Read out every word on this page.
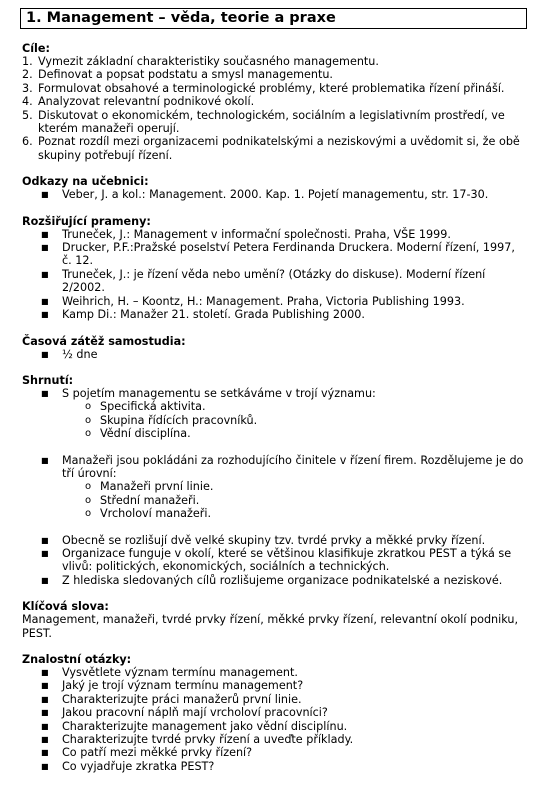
1. Management – věda, teorie a praxe
Cíle:
1. Vymezit základní charakteristiky současného managementu.
2. Definovat a popsat podstatu a smysl managementu.
3. Formulovat obsahové a terminologické problémy, které problematika řízení přináší.
4. Analyzovat relevantní podnikové okolí.
5. Diskutovat o ekonomickém, technologickém, sociálním a legislativním prostředí, ve
kterém manažeři operují.
6. Poznat rozdíl mezi organizacemi podnikatelskými a neziskovými a uvědomit si, že obě
skupiny potřebují řízení.
Odkazy na učebnici:
■ Veber, J. a kol.: Management. 2000. Kap. 1. Pojetí managementu, str. 17-30.
Rozšiřující prameny:
■ Truneček, J.: Management v informační společnosti. Praha, VŠE 1999.
■ Drucker, P.F.:Pražské poselství Petera Ferdinanda Druckera. Moderní řízení, 1997,
č. 12.
■ Truneček, J.: je řízení věda nebo umění? (Otázky do diskuse). Moderní řízení
2/2002.
■ Weihrich, H. – Koontz, H.: Management. Praha, Victoria Publishing 1993.
■ Kamp Di.: Manažer 21. století. Grada Publishing 2000.
Časová zátěž samostudia:
■ ½ dne
Shrnutí:
■ S pojetím managementu se setkáváme v trojí významu:
o Specifická aktivita.
o Skupina řídících pracovníků.
o Vědní disciplína.
■ Manažeři jsou pokládáni za rozhodujícího činitele v řízení firem. Rozdělujeme je do
tří úrovní:
o Manažeři první linie.
o Střední manažeři.
o Vrcholoví manažeři.
■ Obecně se rozlišují dvě velké skupiny tzv. tvrdé prvky a měkké prvky řízení.
■ Organizace funguje v okolí, které se většinou klasifikuje zkratkou PEST a týká se
vlivů: politických, ekonomických, sociálních a technických.
■ Z hlediska sledovaných cílů rozlišujeme organizace podnikatelské a neziskové.
Klíčová slova:
Management, manažeři, tvrdé prvky řízení, měkké prvky řízení, relevantní okolí podniku,
PEST.
Znalostní otázky:
■ Vysvětlete význam termínu management.
■ Jaký je trojí význam termínu management?
■ Charakterizujte práci manažerů první linie.
■ Jakou pracovní náplň mají vrcholoví pracovníci?
■ Charakterizujte management jako vědní disciplínu.
■ Charakterizujte tvrdé prvky řízení a uveďte příklady.
■ Co patří mezi měkké prvky řízení?
■ Co vyjadřuje zkratka PEST?
